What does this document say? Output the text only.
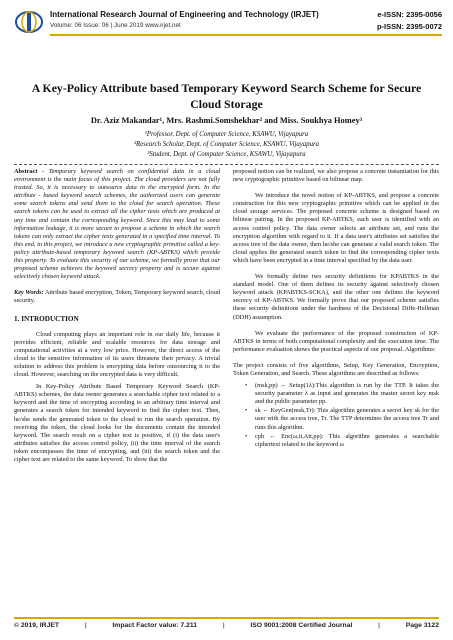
International Research Journal of Engineering and Technology (IRJET)	e-ISSN: 2395-0056
Volume: 06 Issue: 06 | June 2019 www.irjet.net	p-ISSN: 2395-0072
A Key-Policy Attribute based Temporary Keyword Search Scheme for Secure Cloud Storage
Dr. Aziz Makandar¹, Mrs. Rashmi.Somshekhar² and Miss. Soukhya Homey³
¹Professor, Dept. of Computer Science, KSAWU, Vijayapura
²Research Scholar, Dept. of Computer Science, KSAWU, Vijayapura
³Student, Dept. of Computer Science, KSAWU, Vijayapura

Abstract - Temporary keyword search on confidential data in a cloud environment is the main focus of this project. The cloud providers are not fully trusted. So, it is necessary to outsource data in the encrypted form. In the attribute - based keyword search schemes, the authorized users can generate some search tokens and send them to the cloud for search operation. These search tokens can be used to extract all the cipher texts which are produced at any time and contain the corresponding keyword. Since this may lead to some information leakage, it is more secure to propose a scheme in which the search tokens can only extract the cipher texts generated in a specified time interval. To this end, in this project, we introduce a new cryptographic primitive called a key-policy attribute-based temporary keyword search (KP-ABTKS) which provide this property. To evaluate this security of our scheme, we formally prove that our proposed scheme achieves the keyword secrecy property and is secure against selectively chosen keyword attack.

Key Words: Attribute based encryption, Token, Temporary keyword search, cloud security.

1. INTRODUCTION

Cloud computing plays an important role in our daily life, because it provides efficient, reliable and scalable resources for data storage and computational activities at a very low price. However, the direct access of the cloud to the sensitive information of its users threatens their privacy. A trivial solution to address this problem is encrypting data before outsourcing it to the cloud. However, searching on the encrypted data is very difficult.

In Key-Policy Attribute Based Temporary Keyword Search (KP-ABTKS) schemes, the data owner generates a searchable cipher text related to a keyword and the time of encrypting according to an arbitrary time interval and generates a search token for intended keyword to find the cipher text. Then, he/she sends the generated token to the cloud to run the search operation. By receiving the token, the cloud looks for the documents contain the intended keyword. The search result on a cipher text is positive, if (i) the data user's attributes satisfies the access control policy, (ii) the time interval of the search token encompasses the time of encrypting, and (iii) the search token and the cipher text are related to the same keyword. To show that the

proposed notion can be realized, we also propose a concrete instantiation for this new cryptographic primitive based on bilinear map.

We introduce the novel notion of KP-ABTKS, and propose a concrete construction for this new cryptographic primitive which can be applied in the cloud storage services. The proposed concrete scheme is designed based on bilinear pairing. In the proposed KP-ABTKS, each user is identified with an access control policy. The data owner selects an attribute set, and runs the encryption algorithm with regard to it. If a data user's attributes set satisfies the access tree of the data owner, then he/she can generate a valid search token. The cloud applies the generated search token to find the corresponding cipher texts which have been encrypted in a time interval specified by the data user.

We formally define two security definitions for KPABTKS in the standard model. One of them defines its security against selectively chosen keyword attack (KPABTKS-SCKA), and the other one defines the keyword secrecy of KP-ABTKS. We formally prove that our proposed scheme satisfies these security definitions under the hardness of the Decisional Diffe-Hellman (DDH) assumption.

We evaluate the performance of the proposed construction of KP-ABTKS in terms of both computational complexity and the execution time. The performance evaluation shows the practical aspects of our proposal. Algorithms:

The project consists of five algorithms, Setup, Key Generation, Encryption, Token Generation, and Search. These algorithms are described as follows:

• (msk,pp) ← Setup(1λ):This algorithm is run by the TTP. It takes the security parameter λ as input and generates the master secret key msk and the public parameter pp.
• sk ← KeyGen(msk,Tr): This algorithm generates a secret key sk for the user with the access tree, Tr. The TTP determines the access tree Tr and runs this algorithm.
• cph ← Enc(ω,ti,Att,pp): This algorithm generates a searchable ciphertext related to the keyword ω
© 2019, IRJET	|	Impact Factor value: 7.211	|	ISO 9001:2008 Certified Journal	|	Page 3122
